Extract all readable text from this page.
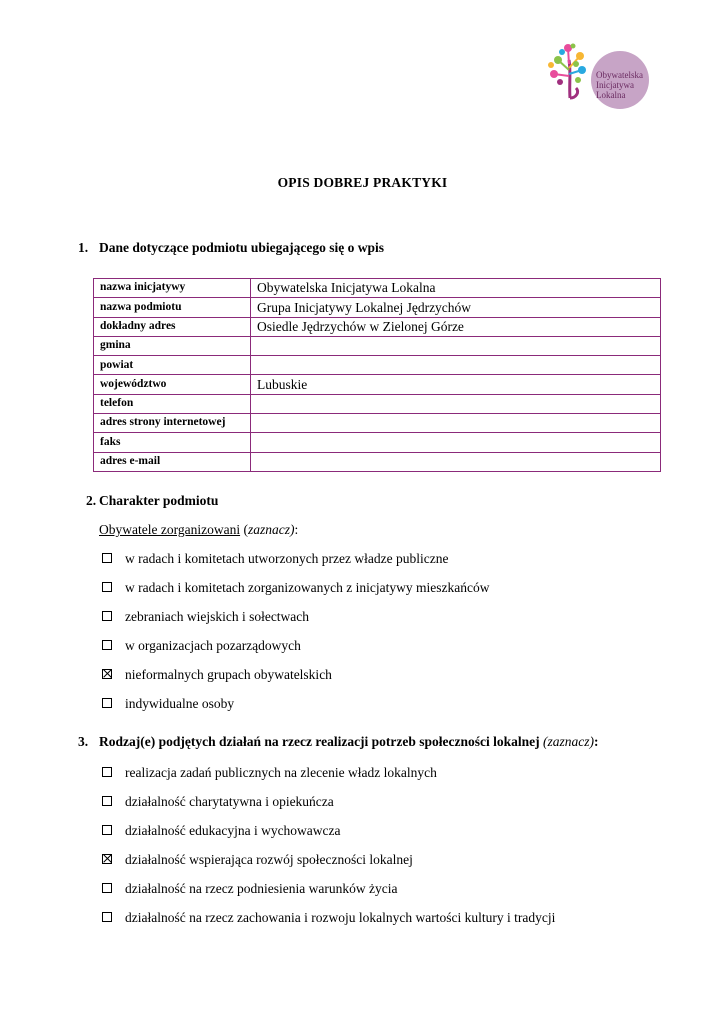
Obywatelska
Inicjatywa
Lokalna
OPIS DOBREJ PRAKTYKI
1. Dane dotyczące podmiotu ubiegającego się o wpis
nazwa inicjatywy	Obywatelska Inicjatywa Lokalna
nazwa podmiotu	Grupa Inicjatywy Lokalnej Jędrzychów
dokładny adres	Osiedle Jędrzychów w Zielonej Górze
gmina	
powiat	
województwo	Lubuskie
telefon	
adres strony internetowej	
faks	
adres e-mail	
2. Charakter podmiotu
Obywatele zorganizowani (zaznacz):
w radach i komitetach utworzonych przez władze publiczne
w radach i komitetach zorganizowanych z inicjatywy mieszkańców
zebraniach wiejskich i sołectwach
w organizacjach pozarządowych
nieformalnych grupach obywatelskich
indywidualne osoby
3. Rodzaj(e) podjętych działań na rzecz realizacji potrzeb społeczności lokalnej (zaznacz):
realizacja zadań publicznych na zlecenie władz lokalnych
działalność charytatywna i opiekuńcza
działalność edukacyjna i wychowawcza
działalność wspierająca rozwój społeczności lokalnej
działalność na rzecz podniesienia warunków życia
działalność na rzecz zachowania i rozwoju lokalnych wartości kultury i tradycji
